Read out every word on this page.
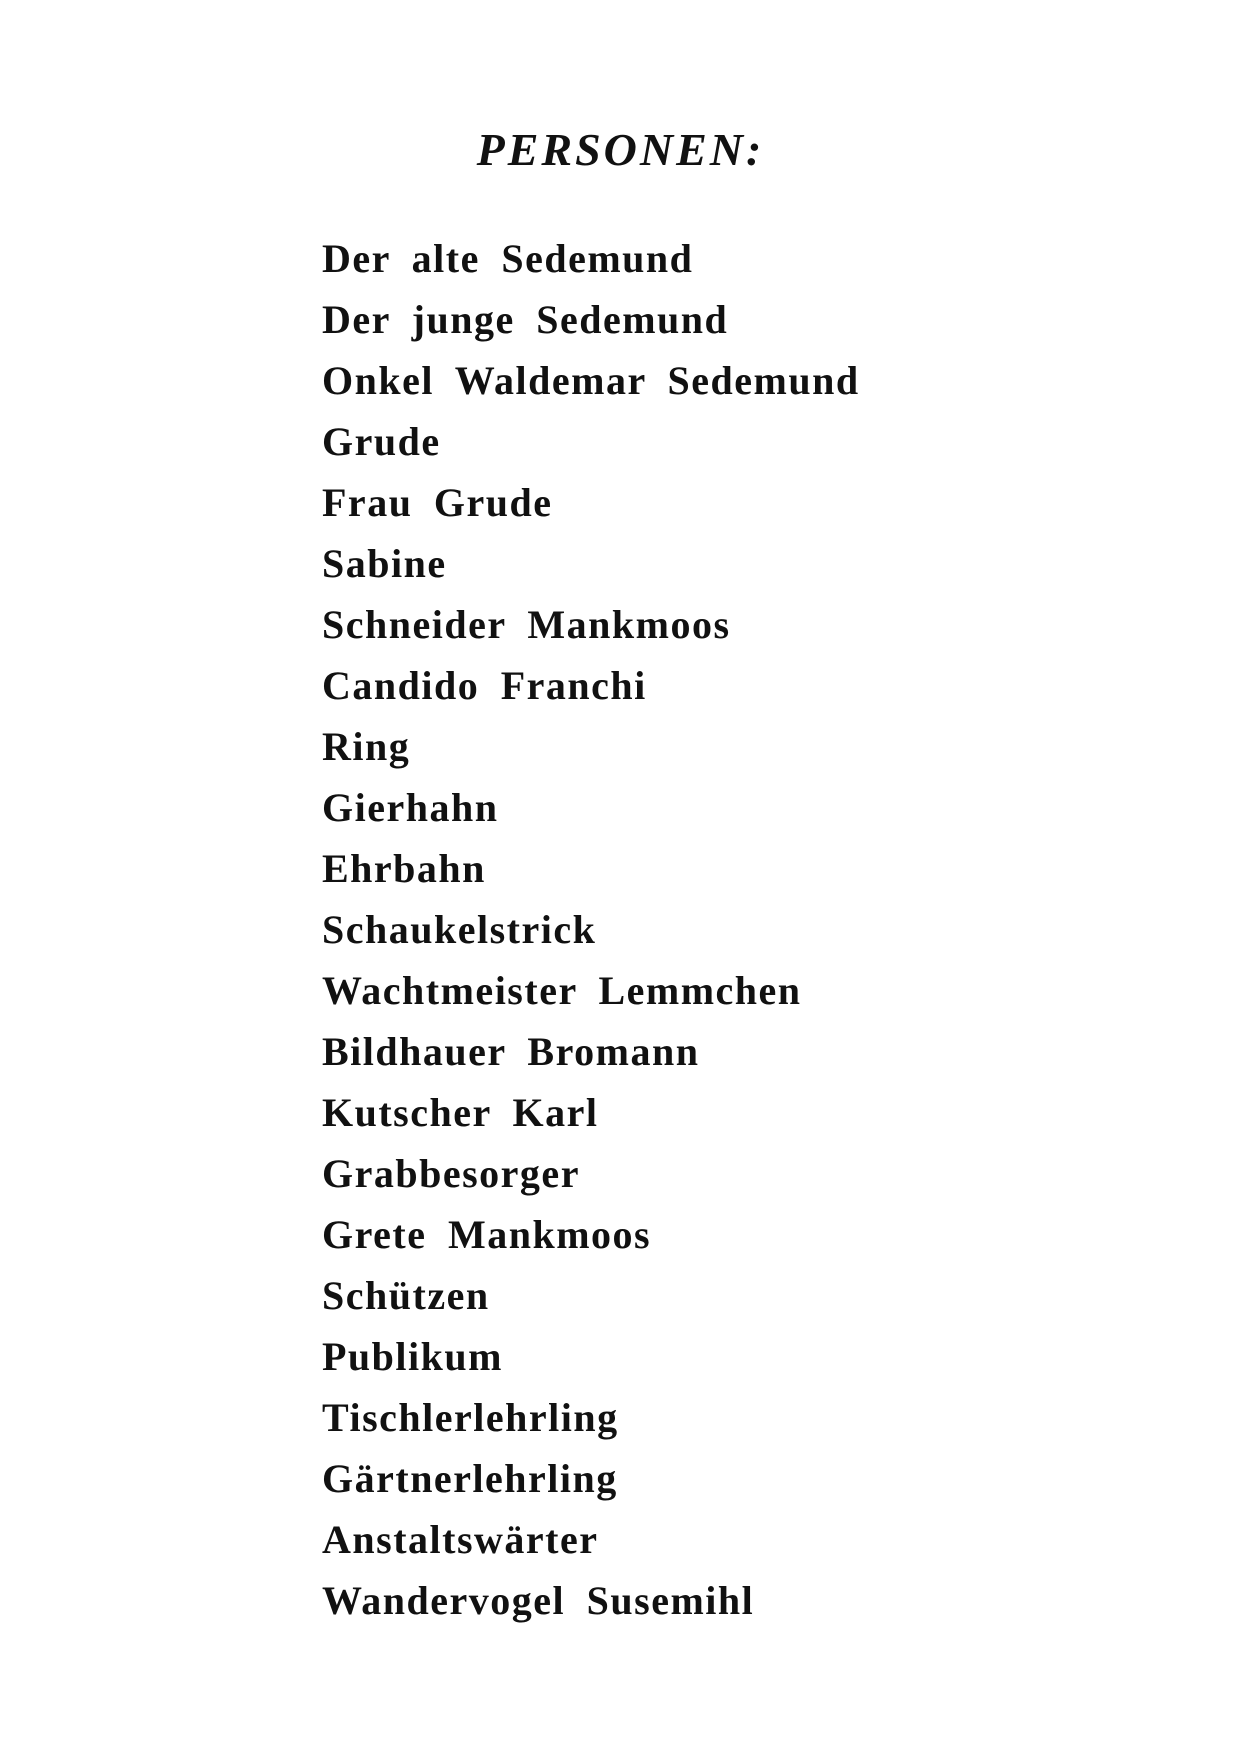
PERSONEN:
Der alte Sedemund
Der junge Sedemund
Onkel Waldemar Sedemund
Grude
Frau Grude
Sabine
Schneider Mankmoos
Candido Franchi
Ring
Gierhahn
Ehrbahn
Schaukelstrick
Wachtmeister Lemmchen
Bildhauer Bromann
Kutscher Karl
Grabbesorger
Grete Mankmoos
Schützen
Publikum
Tischlerlehrling
Gärtnerlehrling
Anstaltswärter
Wandervogel Susemihl
